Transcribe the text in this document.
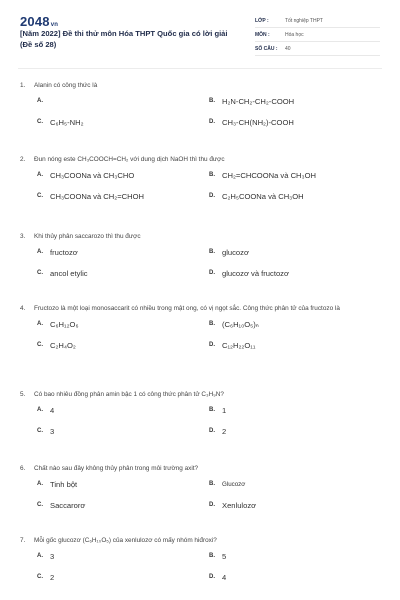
2048vn
[Năm 2022] Đề thi thử môn Hóa THPT Quốc gia có lời giải (Đề số 28)
LỚP :	Tốt nghiệp THPT
MÔN :	Hóa học
SỐ CÂU :	40
1.	Alanin có công thức là
A.	B. H₂N-CH₂-CH₂-COOH
C. C₆H₅-NH₂	D. CH₃-CH(NH₂)-COOH
2.	Đun nóng este CH₃COOCH=CH₂ với dung dịch NaOH thì thu được
A. CH₃COONa và CH₃CHO	B. CH₂=CHCOONa và CH₃OH
C. CH₃COONa và CH₂=CHOH	D. C₂H₅COONa và CH₃OH
3.	Khi thủy phân saccarozo thì thu được
A. fructozơ	B. glucozơ
C. ancol etylic	D. glucozơ và fructozơ
4.	Fructozo là một loại monosaccarit có nhiều trong mật ong, có vị ngọt sắc. Công thức phân tử của fructozo là
A. C₆H₁₂O₆	B. (C₆H₁₀O₅)ₙ
C. C₂H₄O₂	D. C₁₂H₂₂O₁₁
5.	Có bao nhiêu đồng phân amin bậc 1 có công thức phân tử C₃H₉N?
A. 4	B. 1
C. 3	D. 2
6.	Chất nào sau đây không thủy phân trong môi trường axit?
A. Tinh bột	B.	Glucozơ
C. Saccarorơ	D. Xenlulozơ
7.	Mỗi gốc glucozơ (C₆H₁₀O₅) của xenlulozơ có mấy nhóm hiđroxi?
A. 3	B. 5
C. 2	D. 4
